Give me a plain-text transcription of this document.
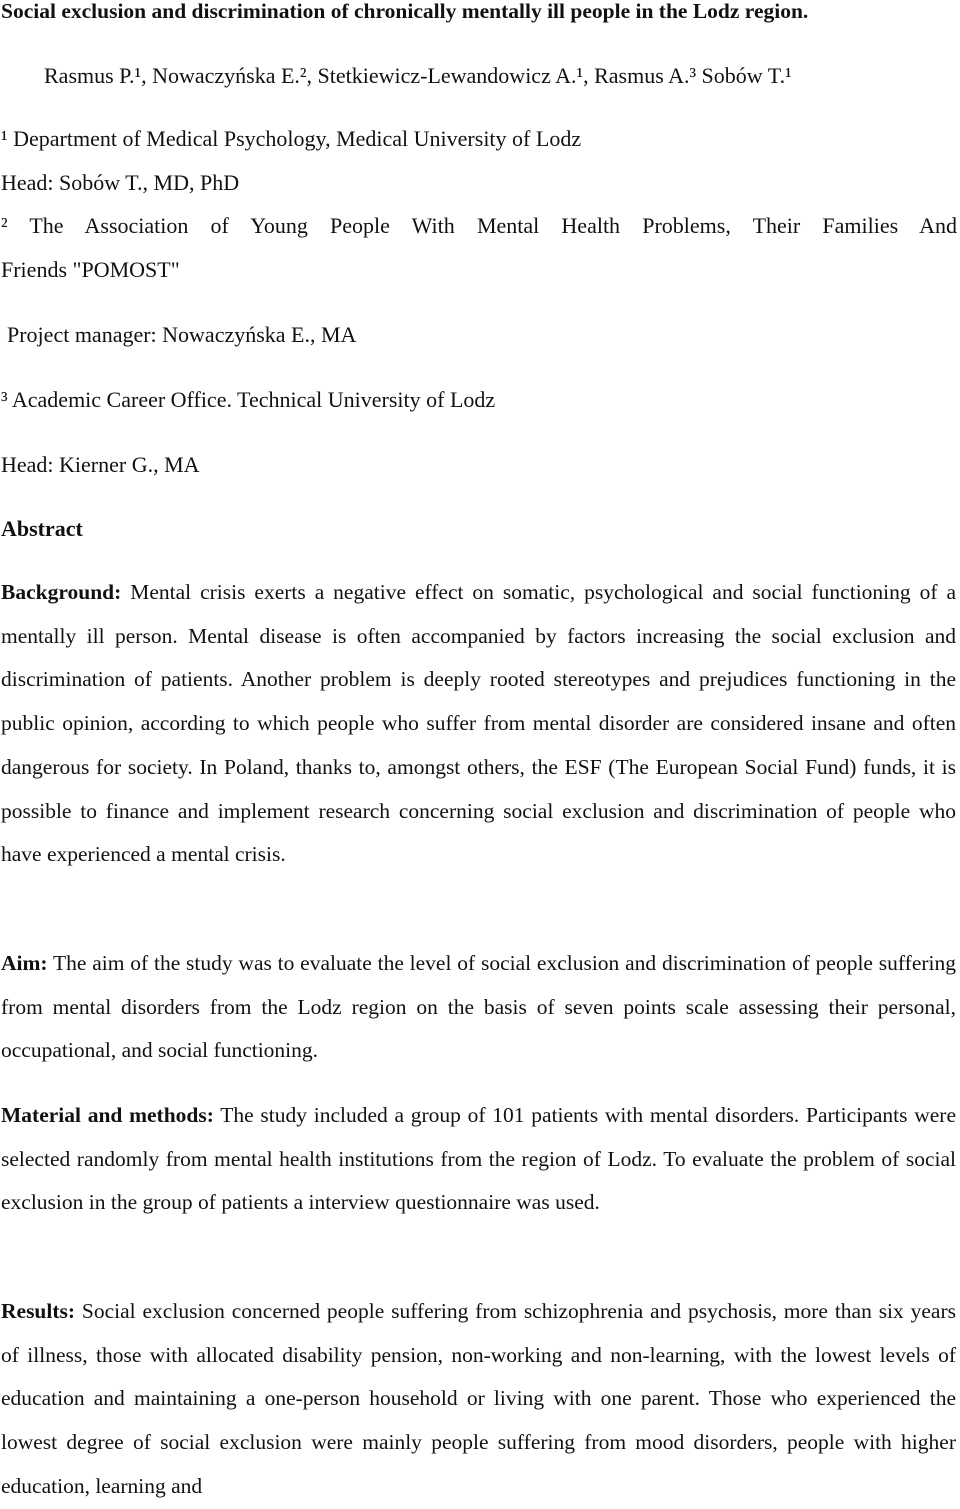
Social exclusion and discrimination of chronically mentally ill people in the Lodz region.
Rasmus P.¹, Nowaczyńska E.², Stetkiewicz-Lewandowicz A.¹, Rasmus A.³ Sobów T.¹
¹ Department of Medical Psychology, Medical University of Lodz
Head: Sobów T., MD, PhD
² The Association of Young People With Mental Health Problems, Their Families And
Friends "POMOST"
Project manager: Nowaczyńska E., MA
³ Academic Career Office. Technical University of Lodz
Head: Kierner G., MA
Abstract

Background: Mental crisis exerts a negative effect on somatic, psychological and social functioning of a mentally ill person. Mental disease is often accompanied by factors increasing the social exclusion and discrimination of patients. Another problem is deeply rooted stereotypes and prejudices functioning in the public opinion, according to which people who suffer from mental disorder are considered insane and often dangerous for society. In Poland, thanks to, amongst others, the ESF (The European Social Fund) funds, it is possible to finance and implement research concerning social exclusion and discrimination of people who have experienced a mental crisis.

Aim: The aim of the study was to evaluate the level of social exclusion and discrimination of people suffering from mental disorders from the Lodz region on the basis of seven points scale assessing their personal, occupational, and social functioning.

Material and methods: The study included a group of 101 patients with mental disorders. Participants were selected randomly from mental health institutions from the region of Lodz. To evaluate the problem of social exclusion in the group of patients a interview questionnaire was used.

Results: Social exclusion concerned people suffering from schizophrenia and psychosis, more than six years of illness, those with allocated disability pension, non-working and non-learning, with the lowest levels of education and maintaining a one-person household or living with one parent. Those who experienced the lowest degree of social exclusion were mainly people suffering from mood disorders, people with higher education, learning and
